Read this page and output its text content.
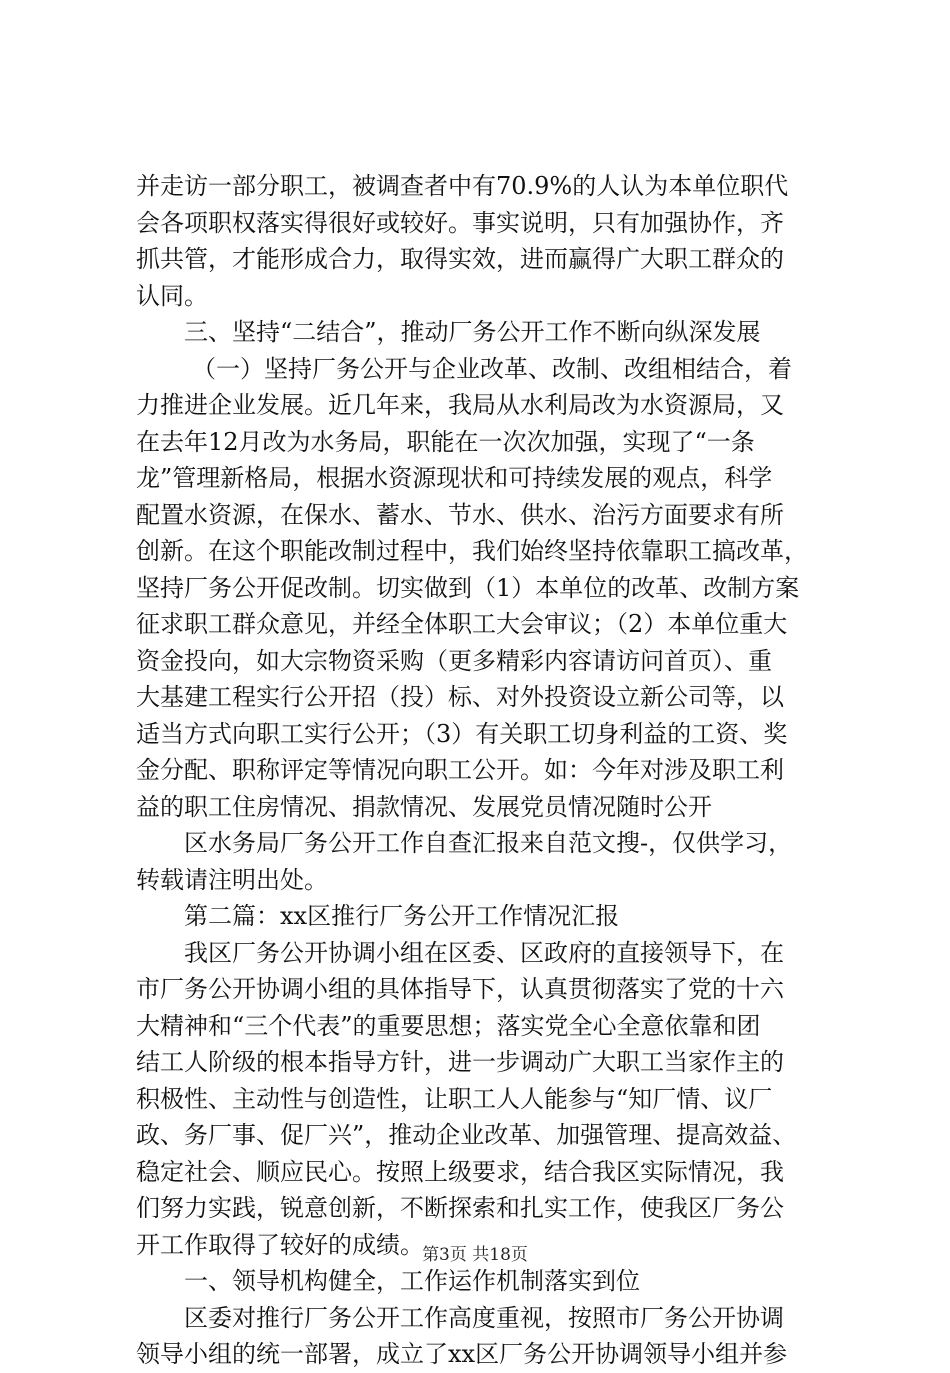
并走访一部分职工，被调查者中有70.9%的人认为本单位职代
会各项职权落实得很好或较好。事实说明，只有加强协作，齐
抓共管，才能形成合力，取得实效，进而赢得广大职工群众的
认同。
三、坚持“二结合”，推动厂务公开工作不断向纵深发展
（一）坚持厂务公开与企业改革、改制、改组相结合，着
力推进企业发展。近几年来，我局从水利局改为水资源局，又
在去年12月改为水务局，职能在一次次加强，实现了“一条
龙”管理新格局，根据水资源现状和可持续发展的观点，科学
配置水资源，在保水、蓄水、节水、供水、治污方面要求有所
创新。在这个职能改制过程中，我们始终坚持依靠职工搞改革，
坚持厂务公开促改制。切实做到（1）本单位的改革、改制方案
征求职工群众意见，并经全体职工大会审议；（2）本单位重大
资金投向，如大宗物资采购（更多精彩内容请访问首页）、重
大基建工程实行公开招（投）标、对外投资设立新公司等，以
适当方式向职工实行公开；（3）有关职工切身利益的工资、奖
金分配、职称评定等情况向职工公开。如：今年对涉及职工利
益的职工住房情况、捐款情况、发展党员情况随时公开
区水务局厂务公开工作自查汇报来自范文搜-，仅供学习，
转载请注明出处。
第二篇：xx区推行厂务公开工作情况汇报
我区厂务公开协调小组在区委、区政府的直接领导下，在
市厂务公开协调小组的具体指导下，认真贯彻落实了党的十六
大精神和“三个代表”的重要思想；落实党全心全意依靠和团
结工人阶级的根本指导方针，进一步调动广大职工当家作主的
积极性、主动性与创造性，让职工人人能参与“知厂情、议厂
政、务厂事、促厂兴”，推动企业改革、加强管理、提高效益、
稳定社会、顺应民心。按照上级要求，结合我区实际情况，我
们努力实践，锐意创新，不断探索和扎实工作，使我区厂务公
开工作取得了较好的成绩。
一、领导机构健全，工作运作机制落实到位
区委对推行厂务公开工作高度重视，按照市厂务公开协调
领导小组的统一部署，成立了xx区厂务公开协调领导小组并参
第3页 共18页
